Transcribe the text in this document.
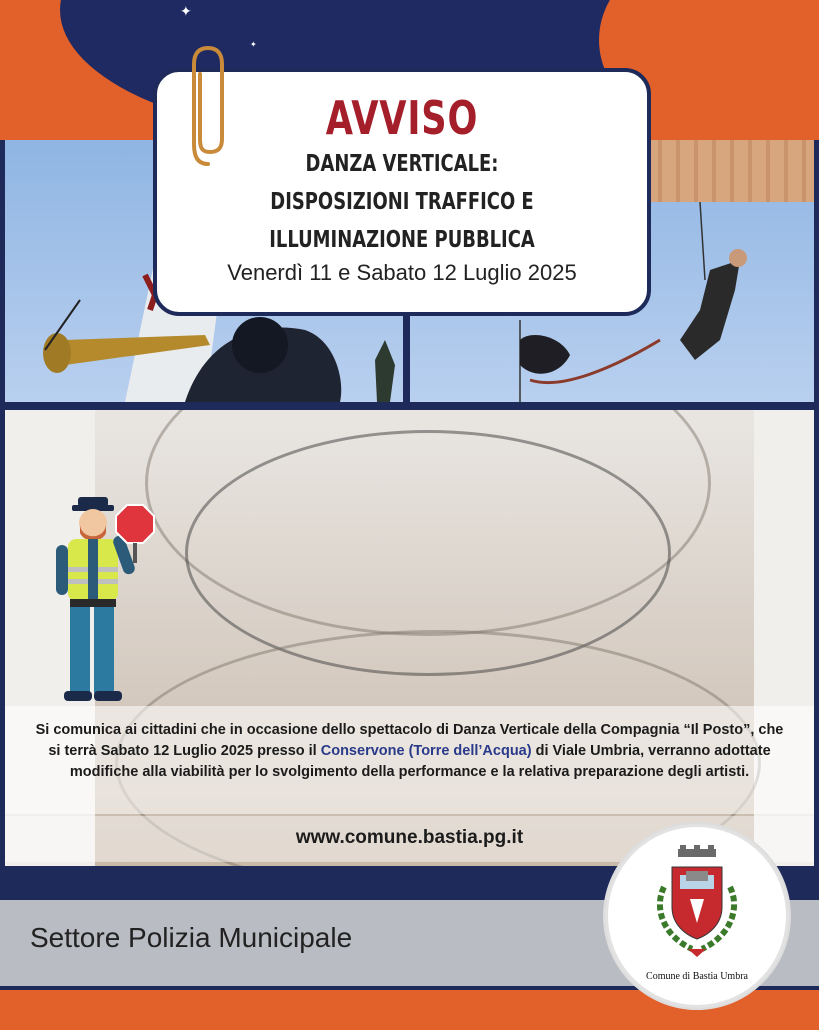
✦
✦
AVVISO
DANZA VERTICALE:
DISPOSIZIONI TRAFFICO E
ILLUMINAZIONE PUBBLICA
Venerdì 11 e Sabato 12 Luglio 2025

Si comunica ai cittadini che in occasione dello spettacolo di Danza Verticale della Compagnia “Il Posto”, che si terrà Sabato 12 Luglio 2025 presso il Conservone (Torre dell’Acqua) di Viale Umbria, verranno adottate modifiche alla viabilità per lo svolgimento della performance e la relativa preparazione degli artisti.

www.comune.bastia.pg.it
Settore Polizia Municipale
Comune di Bastia Umbra
